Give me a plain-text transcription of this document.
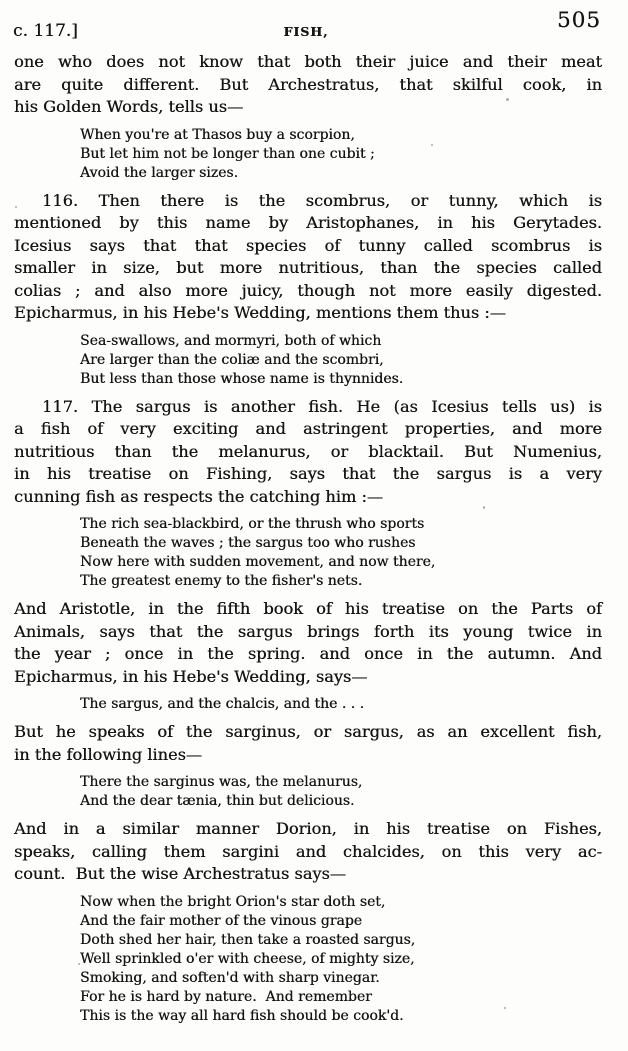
c. 117.]	FISH,	505
one who does not know that both their juice and their meat
are quite different. But Archestratus, that skilful cook, in
his Golden Words, tells us—
When you're at Thasos buy a scorpion,
But let him not be longer than one cubit ;
Avoid the larger sizes.
116. Then there is the scombrus, or tunny, which is
mentioned by this name by Aristophanes, in his Gerytades.
Icesius says that that species of tunny called scombrus is
smaller in size, but more nutritious, than the species called
colias ; and also more juicy, though not more easily digested.
Epicharmus, in his Hebe's Wedding, mentions them thus :—
Sea-swallows, and mormyri, both of which
Are larger than the coliæ and the scombri,
But less than those whose name is thynnides.
117. The sargus is another fish. He (as Icesius tells us) is
a fish of very exciting and astringent properties, and more
nutritious than the melanurus, or blacktail. But Numenius,
in his treatise on Fishing, says that the sargus is a very
cunning fish as respects the catching him :—
The rich sea-blackbird, or the thrush who sports
Beneath the waves ; the sargus too who rushes
Now here with sudden movement, and now there,
The greatest enemy to the fisher's nets.
And Aristotle, in the fifth book of his treatise on the Parts of
Animals, says that the sargus brings forth its young twice in
the year ; once in the spring. and once in the autumn. And
Epicharmus, in his Hebe's Wedding, says—
The sargus, and the chalcis, and the . . .
But he speaks of the sarginus, or sargus, as an excellent fish,
in the following lines—
There the sarginus was, the melanurus,
And the dear tænia, thin but delicious.
And in a similar manner Dorion, in his treatise on Fishes,
speaks, calling them sargini and chalcides, on this very ac-
count.  But the wise Archestratus says—
Now when the bright Orion's star doth set,
And the fair mother of the vinous grape
Doth shed her hair, then take a roasted sargus,
Well sprinkled o'er with cheese, of mighty size,
Smoking, and soften'd with sharp vinegar.
For he is hard by nature.  And remember
This is the way all hard fish should be cook'd.
